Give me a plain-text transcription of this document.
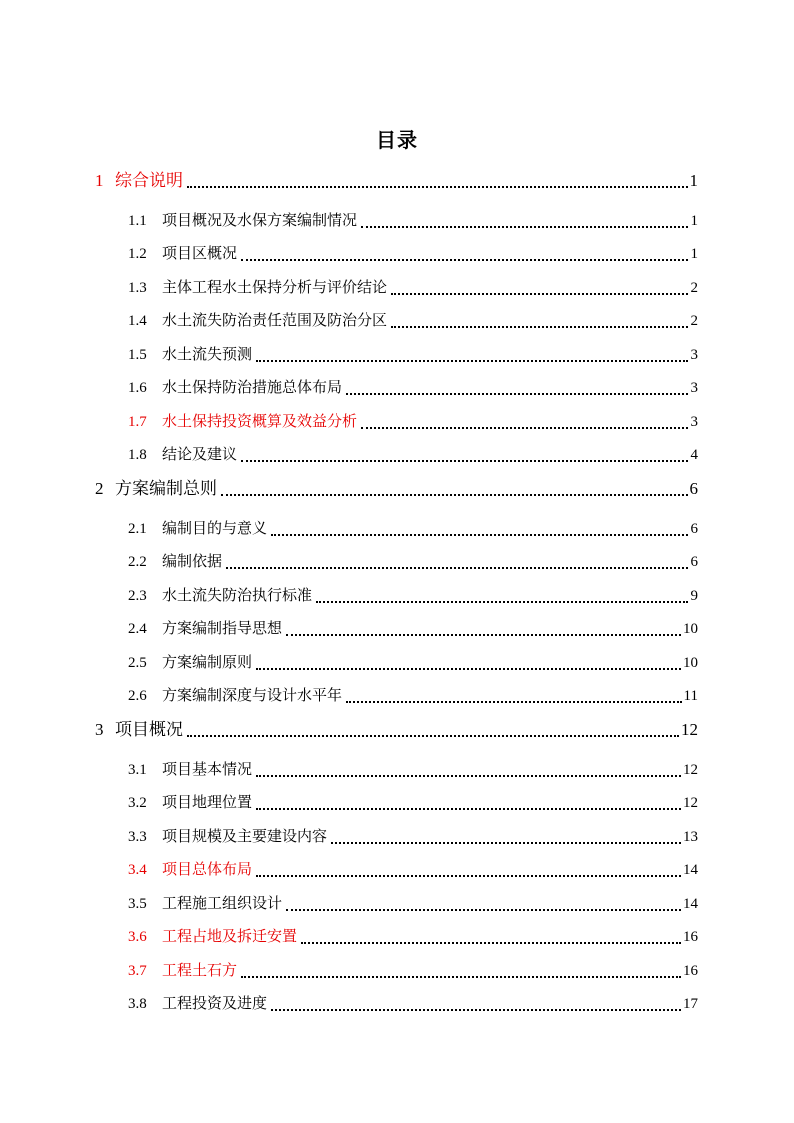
目录
1 综合说明	1
1.1	项目概况及水保方案编制情况	1
1.2	项目区概况	1
1.3	主体工程水土保持分析与评价结论	2
1.4	水土流失防治责任范围及防治分区	2
1.5	水土流失预测	3
1.6	水土保持防治措施总体布局	3
1.7	水土保持投资概算及效益分析	3
1.8	结论及建议	4
2 方案编制总则	6
2.1	编制目的与意义	6
2.2	编制依据	6
2.3	水土流失防治执行标准	9
2.4	方案编制指导思想	10
2.5	方案编制原则	10
2.6	方案编制深度与设计水平年	11
3 项目概况	12
3.1	项目基本情况	12
3.2	项目地理位置	12
3.3	项目规模及主要建设内容	13
3.4	项目总体布局	14
3.5	工程施工组织设计	14
3.6	工程占地及拆迁安置	16
3.7	工程土石方	16
3.8	工程投资及进度	17
